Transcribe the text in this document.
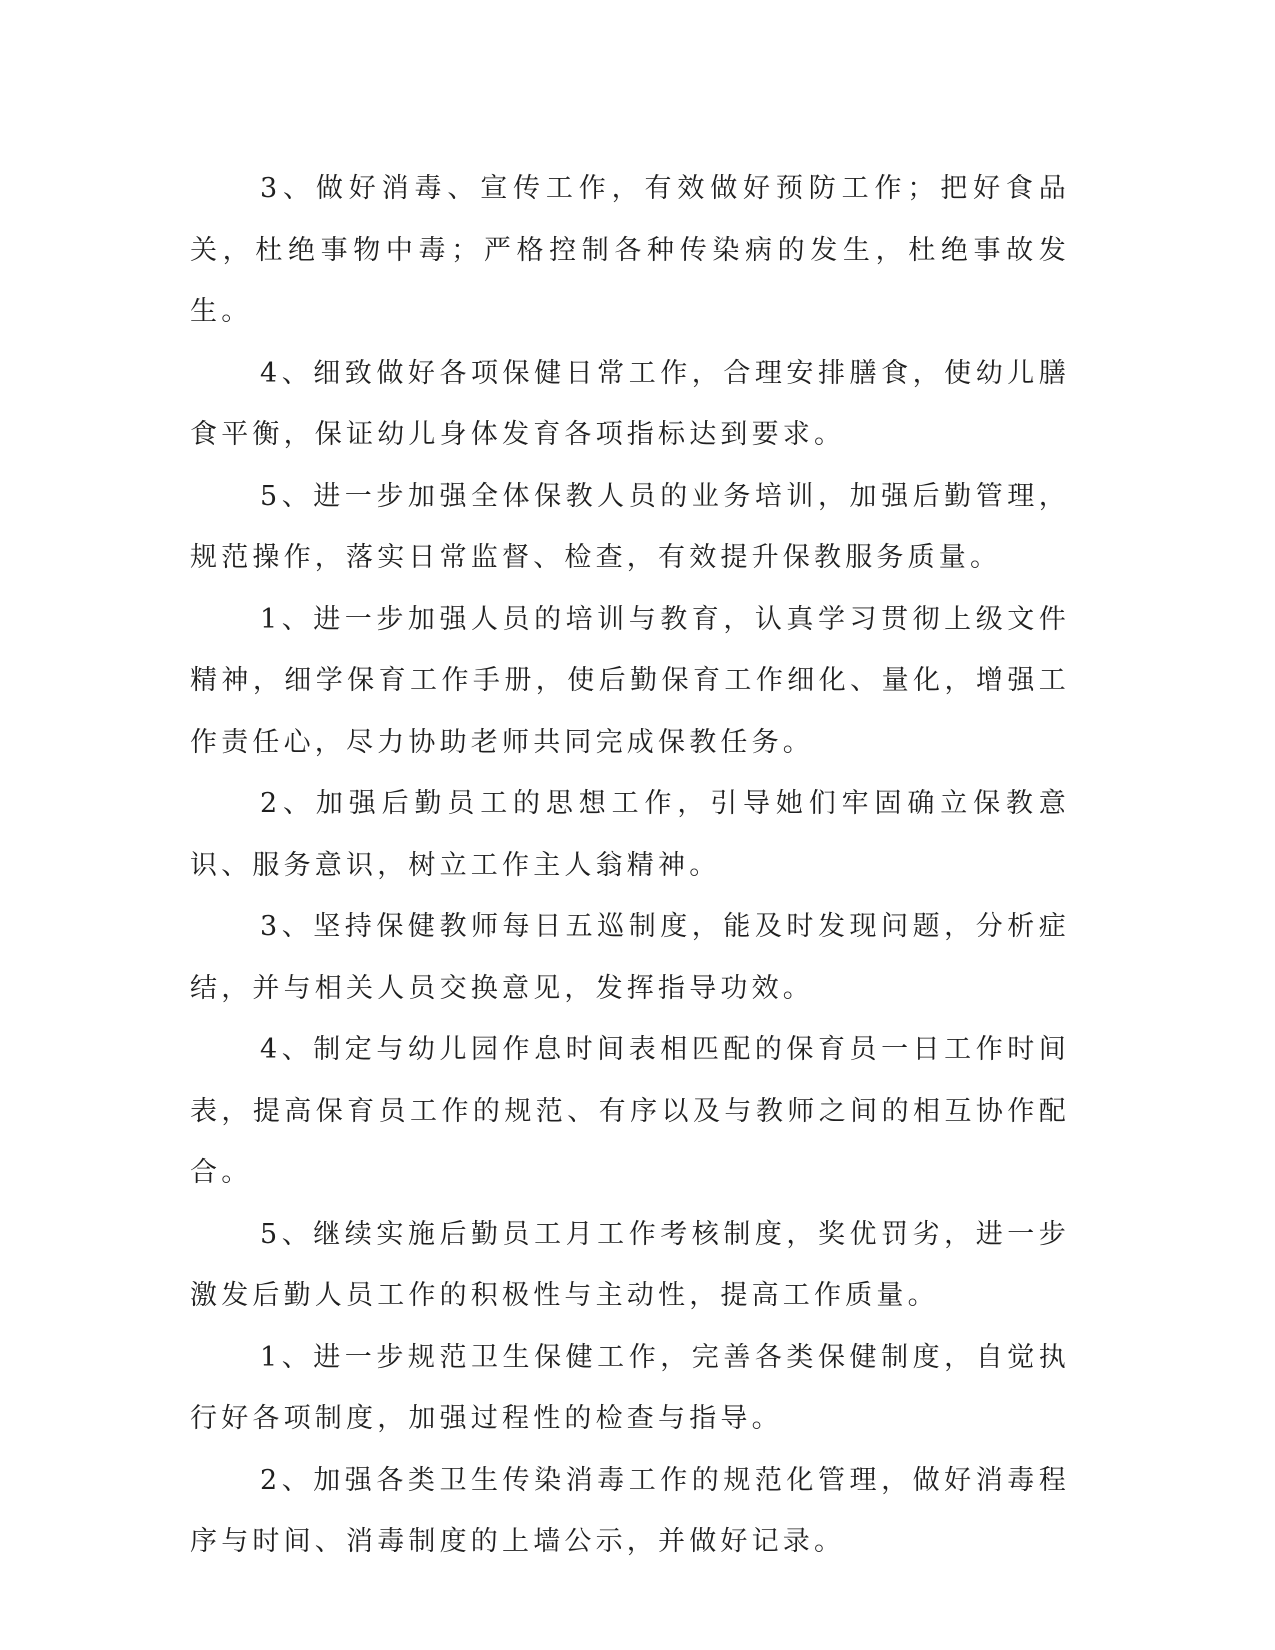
3、做好消毒、宣传工作，有效做好预防工作；把好食品关，杜绝事物中毒；严格控制各种传染病的发生，杜绝事故发生。

4、细致做好各项保健日常工作，合理安排膳食，使幼儿膳食平衡，保证幼儿身体发育各项指标达到要求。

5、进一步加强全体保教人员的业务培训，加强后勤管理，规范操作，落实日常监督、检查，有效提升保教服务质量。

1、进一步加强人员的培训与教育，认真学习贯彻上级文件精神，细学保育工作手册，使后勤保育工作细化、量化，增强工作责任心，尽力协助老师共同完成保教任务。

2、加强后勤员工的思想工作，引导她们牢固确立保教意识、服务意识，树立工作主人翁精神。

3、坚持保健教师每日五巡制度，能及时发现问题，分析症结，并与相关人员交换意见，发挥指导功效。

4、制定与幼儿园作息时间表相匹配的保育员一日工作时间表，提高保育员工作的规范、有序以及与教师之间的相互协作配合。

5、继续实施后勤员工月工作考核制度，奖优罚劣，进一步激发后勤人员工作的积极性与主动性，提高工作质量。

1、进一步规范卫生保健工作，完善各类保健制度，自觉执行好各项制度，加强过程性的检查与指导。

2、加强各类卫生传染消毒工作的规范化管理，做好消毒程序与时间、消毒制度的上墙公示，并做好记录。
